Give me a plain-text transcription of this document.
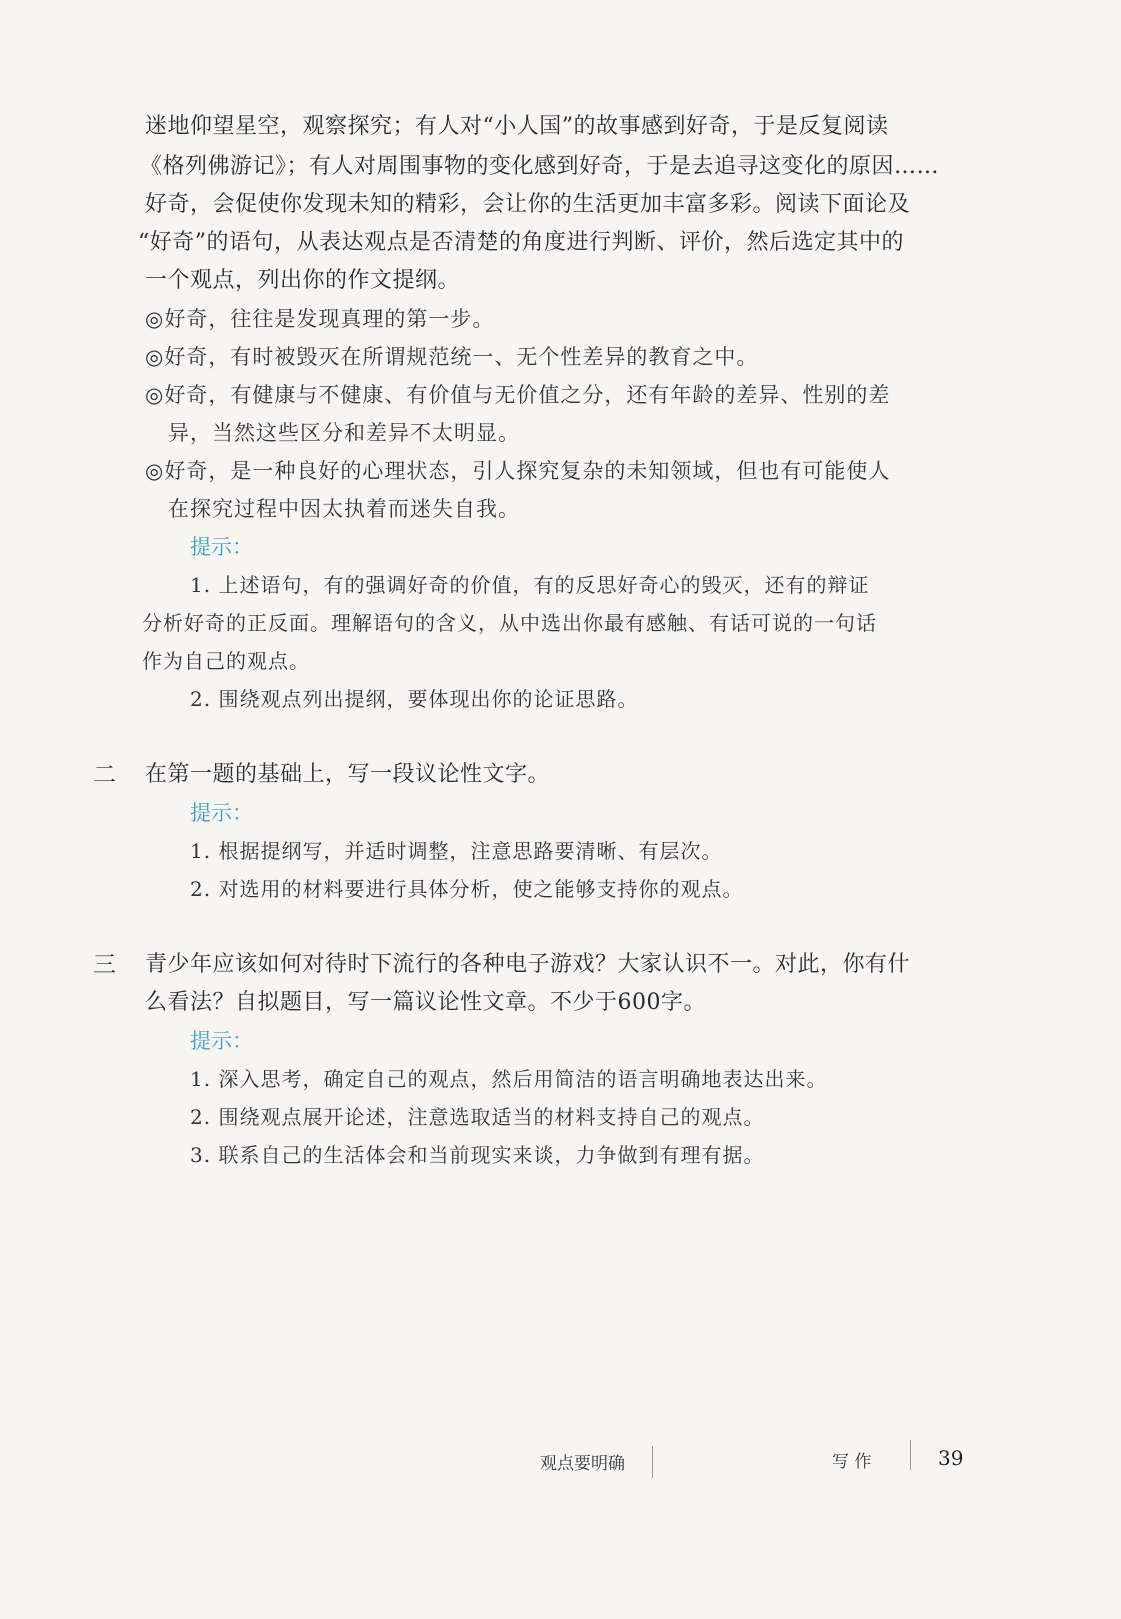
迷地仰望星空，观察探究；有人对“小人国”的故事感到好奇，于是反复阅读
《格列佛游记》；有人对周围事物的变化感到好奇，于是去追寻这变化的原因……
好奇，会促使你发现未知的精彩，会让你的生活更加丰富多彩。阅读下面论及
“好奇”的语句，从表达观点是否清楚的角度进行判断、评价，然后选定其中的
一个观点，列出你的作文提纲。
◎好奇，往往是发现真理的第一步。
◎好奇，有时被毁灭在所谓规范统一、无个性差异的教育之中。
◎好奇，有健康与不健康、有价值与无价值之分，还有年龄的差异、性别的差
异，当然这些区分和差异不太明显。
◎好奇，是一种良好的心理状态，引人探究复杂的未知领域，但也有可能使人
在探究过程中因太执着而迷失自我。
提示：
1. 上述语句，有的强调好奇的价值，有的反思好奇心的毁灭，还有的辩证
分析好奇的正反面。理解语句的含义，从中选出你最有感触、有话可说的一句话
作为自己的观点。
2. 围绕观点列出提纲，要体现出你的论证思路。
二 在第一题的基础上，写一段议论性文字。
提示：
1. 根据提纲写，并适时调整，注意思路要清晰、有层次。
2. 对选用的材料要进行具体分析，使之能够支持你的观点。
三 青少年应该如何对待时下流行的各种电子游戏？大家认识不一。对此，你有什
么看法？自拟题目，写一篇议论性文章。不少于600字。
提示：
1. 深入思考，确定自己的观点，然后用简洁的语言明确地表达出来。
2. 围绕观点展开论述，注意选取适当的材料支持自己的观点。
3. 联系自己的生活体会和当前现实来谈，力争做到有理有据。
观点要明确	写 作	39
